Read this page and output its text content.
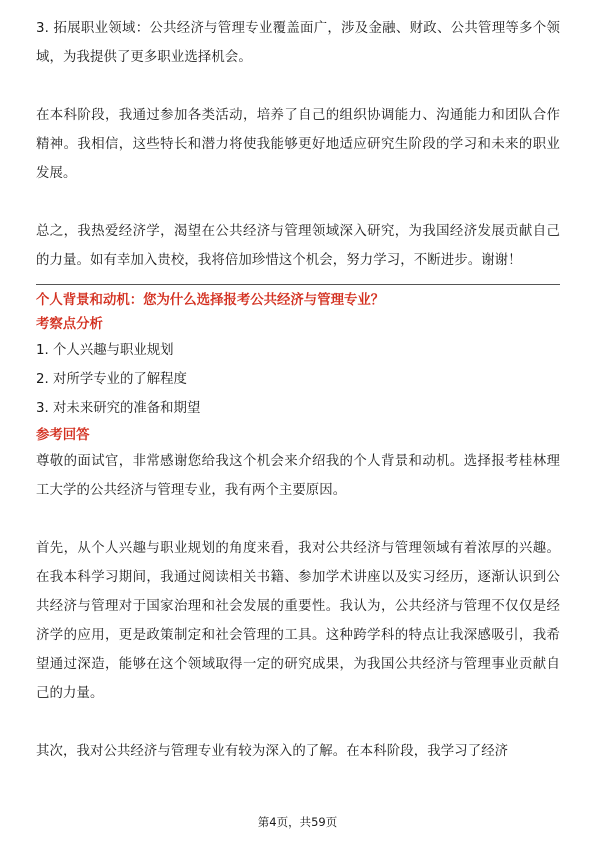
3. 拓展职业领域：公共经济与管理专业覆盖面广，涉及金融、财政、公共管理等多个领域，为我提供了更多职业选择机会。

在本科阶段，我通过参加各类活动，培养了自己的组织协调能力、沟通能力和团队合作精神。我相信，这些特长和潜力将使我能够更好地适应研究生阶段的学习和未来的职业发展。

总之，我热爱经济学，渴望在公共经济与管理领域深入研究，为我国经济发展贡献自己的力量。如有幸加入贵校，我将倍加珍惜这个机会，努力学习，不断进步。谢谢！

个人背景和动机：您为什么选择报考公共经济与管理专业？

考察点分析

1. 个人兴趣与职业规划
2. 对所学专业的了解程度
3. 对未来研究的准备和期望

参考回答

尊敬的面试官，非常感谢您给我这个机会来介绍我的个人背景和动机。选择报考桂林理工大学的公共经济与管理专业，我有两个主要原因。

首先，从个人兴趣与职业规划的角度来看，我对公共经济与管理领域有着浓厚的兴趣。在我本科学习期间，我通过阅读相关书籍、参加学术讲座以及实习经历，逐渐认识到公共经济与管理对于国家治理和社会发展的重要性。我认为，公共经济与管理不仅仅是经济学的应用，更是政策制定和社会管理的工具。这种跨学科的特点让我深感吸引，我希望通过深造，能够在这个领域取得一定的研究成果，为我国公共经济与管理事业贡献自己的力量。

其次，我对公共经济与管理专业有较为深入的了解。在本科阶段，我学习了经济

第4页，共59页
